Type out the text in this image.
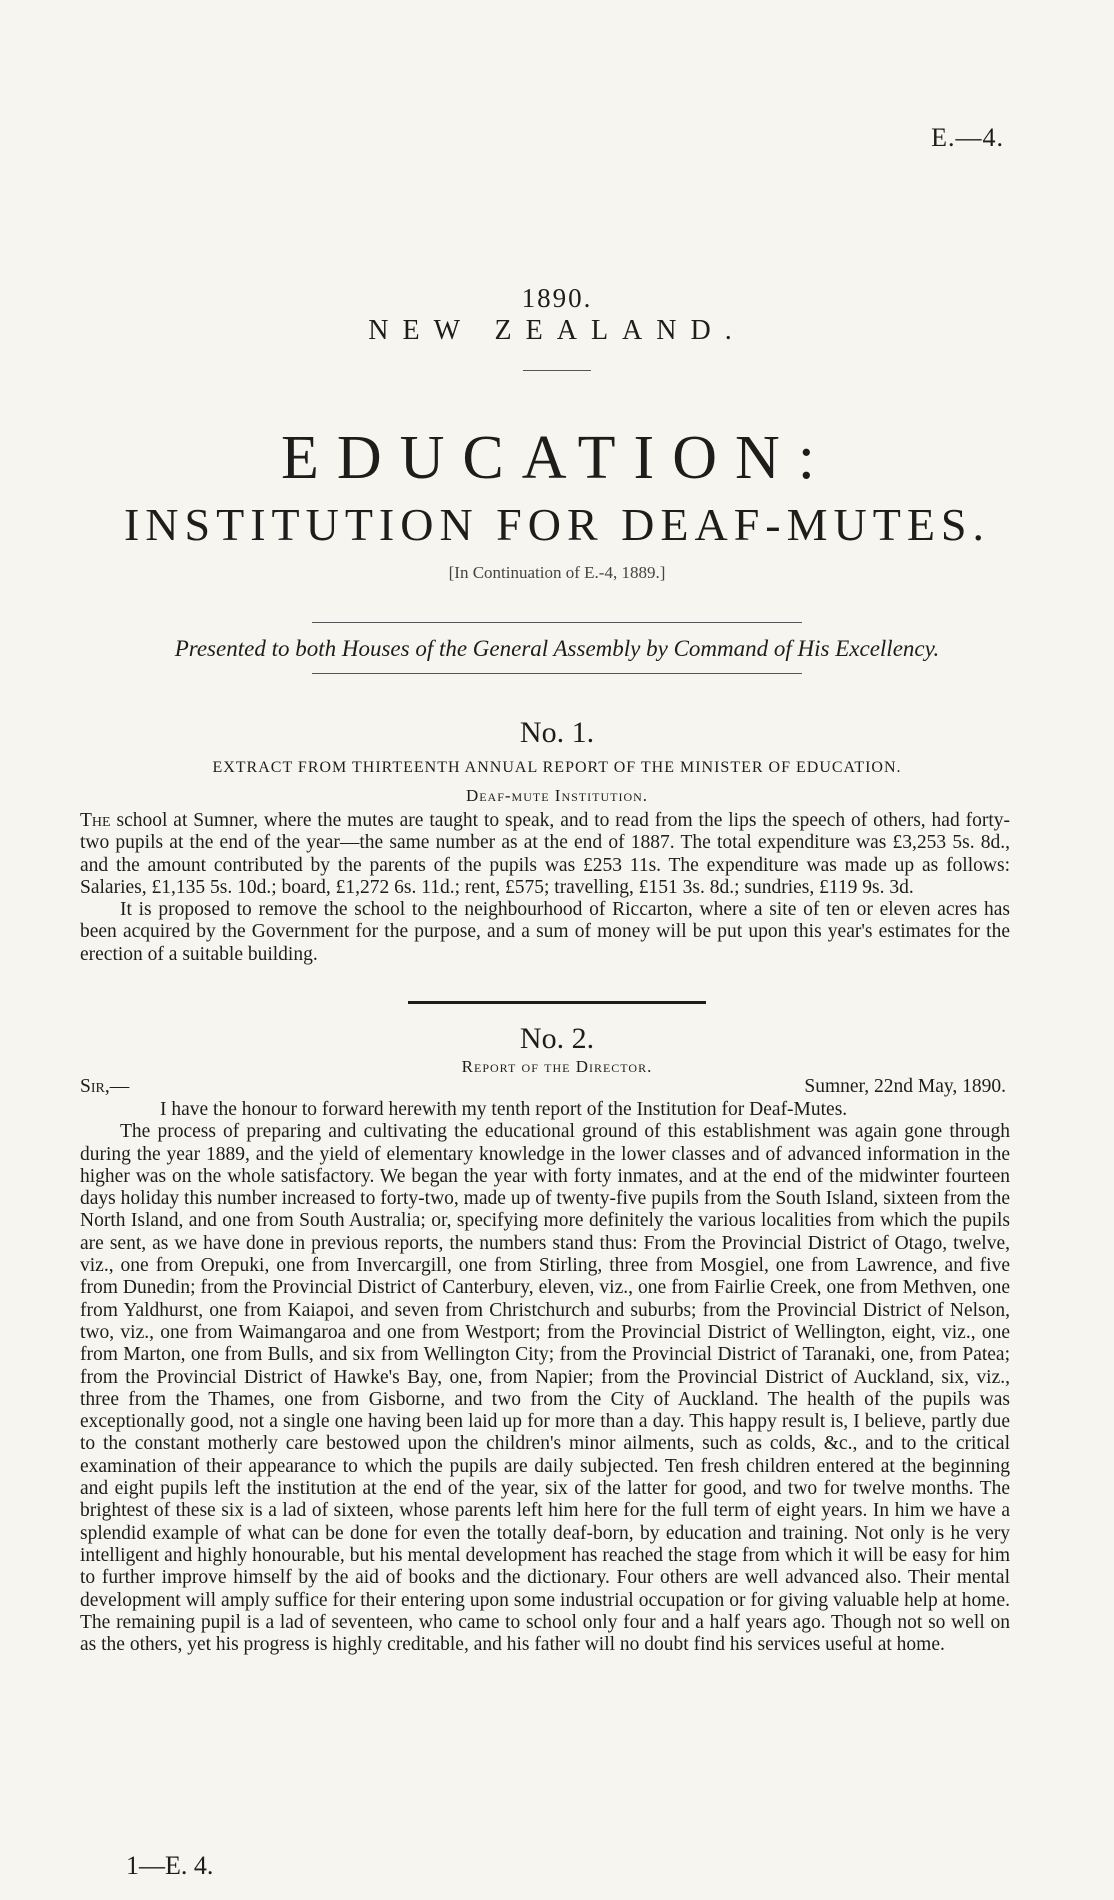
E.—4.
1890.
NEW ZEALAND.
EDUCATION:
INSTITUTION FOR DEAF-MUTES.
[In Continuation of E.-4, 1889.]
Presented to both Houses of the General Assembly by Command of His Excellency.
No. 1.
EXTRACT FROM THIRTEENTH ANNUAL REPORT OF THE MINISTER OF EDUCATION.
Deaf-mute Institution.

The school at Sumner, where the mutes are taught to speak, and to read from the lips the speech of others, had forty-two pupils at the end of the year—the same number as at the end of 1887. The total expenditure was £3,253 5s. 8d., and the amount contributed by the parents of the pupils was £253 11s. The expenditure was made up as follows: Salaries, £1,135 5s. 10d.; board, £1,272 6s. 11d.; rent, £575; travelling, £151 3s. 8d.; sundries, £119 9s. 3d.

It is proposed to remove the school to the neighbourhood of Riccarton, where a site of ten or eleven acres has been acquired by the Government for the purpose, and a sum of money will be put upon this year's estimates for the erection of a suitable building.

No. 2.
Report of the Director.
Sir,—	Sumner, 22nd May, 1890.

I have the honour to forward herewith my tenth report of the Institution for Deaf-Mutes.

The process of preparing and cultivating the educational ground of this establishment was again gone through during the year 1889, and the yield of elementary knowledge in the lower classes and of advanced information in the higher was on the whole satisfactory. We began the year with forty inmates, and at the end of the midwinter fourteen days holiday this number increased to forty-two, made up of twenty-five pupils from the South Island, sixteen from the North Island, and one from South Australia; or, specifying more definitely the various localities from which the pupils are sent, as we have done in previous reports, the numbers stand thus: From the Provincial District of Otago, twelve, viz., one from Orepuki, one from Invercargill, one from Stirling, three from Mosgiel, one from Lawrence, and five from Dunedin; from the Provincial District of Canterbury, eleven, viz., one from Fairlie Creek, one from Methven, one from Yaldhurst, one from Kaiapoi, and seven from Christchurch and suburbs; from the Provincial District of Nelson, two, viz., one from Waimangaroa and one from Westport; from the Provincial District of Wellington, eight, viz., one from Marton, one from Bulls, and six from Wellington City; from the Provincial District of Taranaki, one, from Patea; from the Provincial District of Hawke's Bay, one, from Napier; from the Provincial District of Auckland, six, viz., three from the Thames, one from Gisborne, and two from the City of Auckland. The health of the pupils was exceptionally good, not a single one having been laid up for more than a day. This happy result is, I believe, partly due to the constant motherly care bestowed upon the children's minor ailments, such as colds, &c., and to the critical examination of their appearance to which the pupils are daily subjected. Ten fresh children entered at the beginning and eight pupils left the institution at the end of the year, six of the latter for good, and two for twelve months. The brightest of these six is a lad of sixteen, whose parents left him here for the full term of eight years. In him we have a splendid example of what can be done for even the totally deaf-born, by education and training. Not only is he very intelligent and highly honourable, but his mental development has reached the stage from which it will be easy for him to further improve himself by the aid of books and the dictionary. Four others are well advanced also. Their mental development will amply suffice for their entering upon some industrial occupation or for giving valuable help at home. The remaining pupil is a lad of seventeen, who came to school only four and a half years ago. Though not so well on as the others, yet his progress is highly creditable, and his father will no doubt find his services useful at home.

1—E. 4.
